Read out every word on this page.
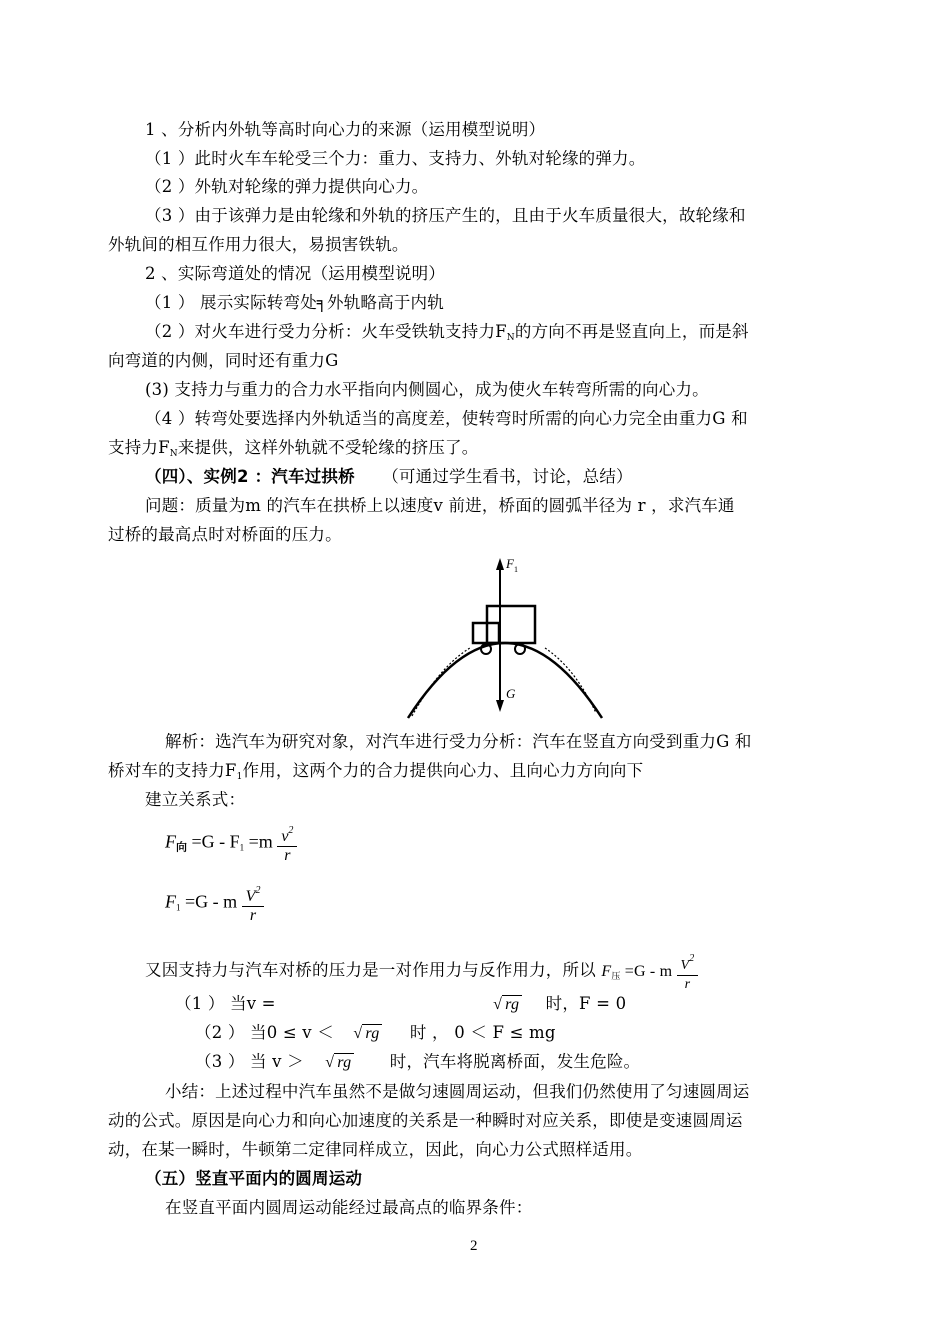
1 、分析内外轨等高时向心力的来源（运用模型说明）
（1 ）此时火车车轮受三个力：重力、支持力、外轨对轮缘的弹力。
（2 ）外轨对轮缘的弹力提供向心力。
（3 ）由于该弹力是由轮缘和外轨的挤压产生的，且由于火车质量很大，故轮缘和
外轨间的相互作用力很大，易损害铁轨。
2 、实际弯道处的情况（运用模型说明）
（1 ） 展示实际转弯处╕外轨略高于内轨
（2 ）对火车进行受力分析：火车受铁轨支持力$F_N$的方向不再是竖直向上，而是斜
向弯道的内侧，同时还有重力G
(3) 支持力与重力的合力水平指向内侧圆心，成为使火车转弯所需的向心力。
（4 ）转弯处要选择内外轨适当的高度差，使转弯时所需的向心力完全由重力G 和
支持力$F_N$来提供，这样外轨就不受轮缘的挤压了。
（四）、实例2 ：汽车过拱桥 （可通过学生看书，讨论，总结）
问题：质量为m 的汽车在拱桥上以速度v 前进，桥面的圆弧半径为 r ，求汽车通
过桥的最高点时对桥面的压力。
F 1
G
解析：选汽车为研究对象，对汽车进行受力分析：汽车在竖直方向受到重力G 和
桥对车的支持力$F_1$作用，这两个力的合力提供向心力、且向心力方向向下
建立关系式：
$F_向 =G - F_1 =m \frac{v^2}{r}$
$F_1 =G - m \frac{V^2}{r}$
又因支持力与汽车对桥的压力是一对作用力与反作用力，所以 $F_压 =G - m \frac{V^2}{r}$
（1 ） 当v =	√ rg 时，F = 0
（2 ） 当0 ≤ v ＜ √ rg 时 ， 0 ＜ F ≤ mg
（3 ） 当 v ＞ √ rg 时，汽车将脱离桥面，发生危险。
小结：上述过程中汽车虽然不是做匀速圆周运动，但我们仍然使用了匀速圆周运
动的公式。原因是向心力和向心加速度的关系是一种瞬时对应关系，即使是变速圆周运
动，在某一瞬时，牛顿第二定律同样成立，因此，向心力公式照样适用。
（五）竖直平面内的圆周运动
在竖直平面内圆周运动能经过最高点的临界条件：
2
